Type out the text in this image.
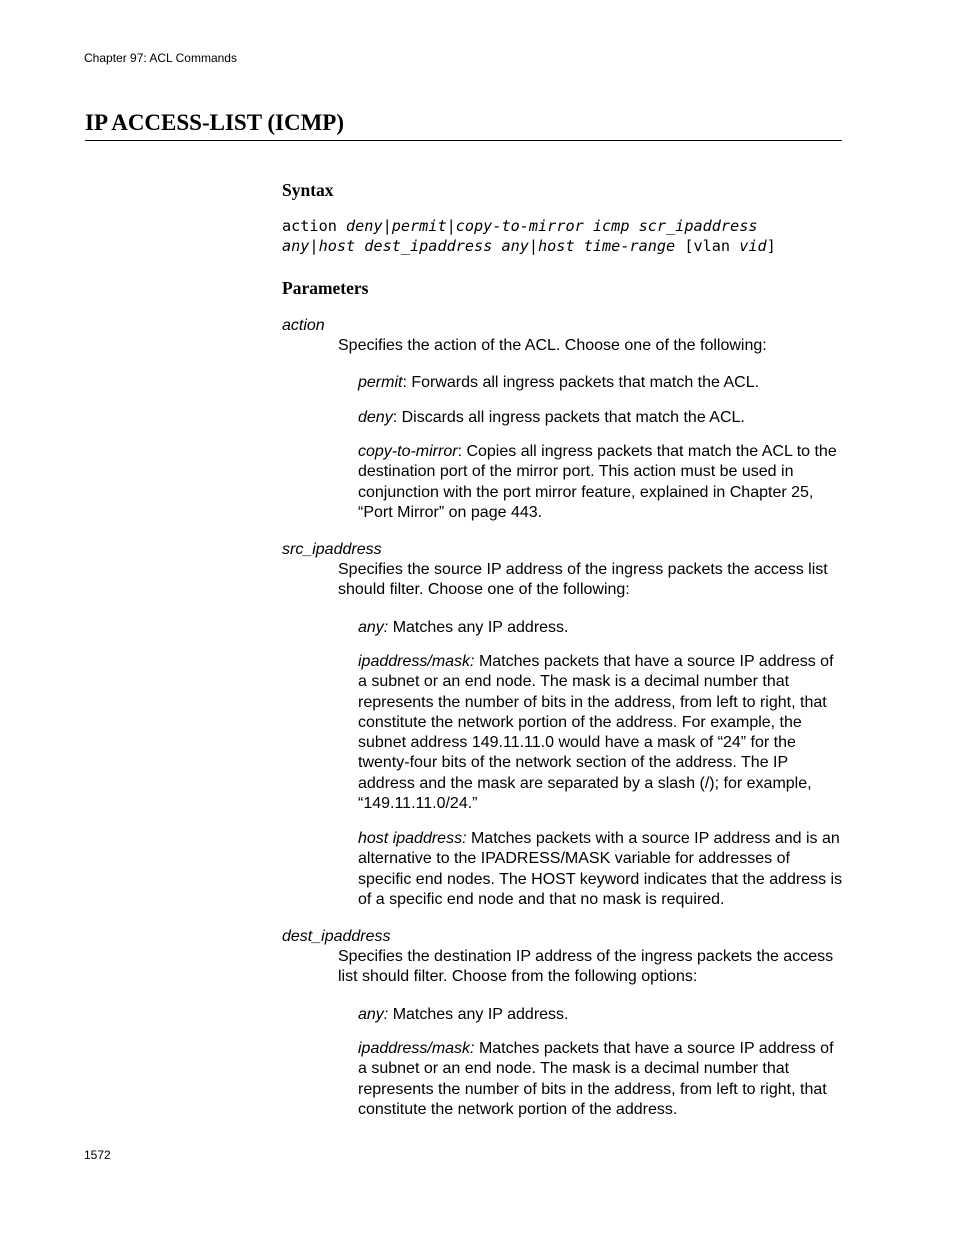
Chapter 97: ACL Commands
IP ACCESS-LIST (ICMP)
Syntax
action deny|permit|copy-to-mirror icmp scr_ipaddress
any|host dest_ipaddress any|host time-range [vlan vid]
Parameters
action
Specifies the action of the ACL. Choose one of the following:
permit: Forwards all ingress packets that match the ACL.
deny: Discards all ingress packets that match the ACL.
copy-to-mirror: Copies all ingress packets that match the ACL to the destination port of the mirror port. This action must be used in conjunction with the port mirror feature, explained in Chapter 25, “Port Mirror” on page 443.
src_ipaddress
Specifies the source IP address of the ingress packets the access list should filter. Choose one of the following:
any: Matches any IP address.
ipaddress/mask: Matches packets that have a source IP address of a subnet or an end node. The mask is a decimal number that represents the number of bits in the address, from left to right, that constitute the network portion of the address. For example, the subnet address 149.11.11.0 would have a mask of “24” for the twenty-four bits of the network section of the address. The IP address and the mask are separated by a slash (/); for example, “149.11.11.0/24.”
host ipaddress: Matches packets with a source IP address and is an alternative to the IPADRESS/MASK variable for addresses of specific end nodes. The HOST keyword indicates that the address is of a specific end node and that no mask is required.
dest_ipaddress
Specifies the destination IP address of the ingress packets the access list should filter. Choose from the following options:
any: Matches any IP address.
ipaddress/mask: Matches packets that have a source IP address of a subnet or an end node. The mask is a decimal number that represents the number of bits in the address, from left to right, that constitute the network portion of the address.
1572
